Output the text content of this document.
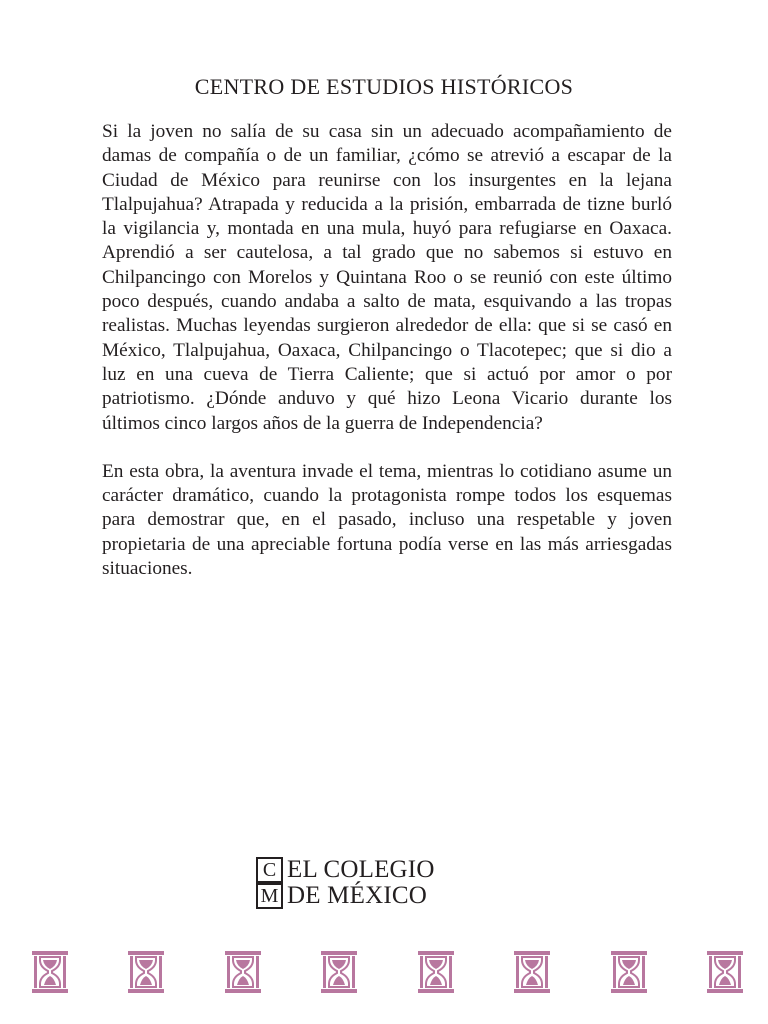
CENTRO DE ESTUDIOS HISTÓRICOS

Si la joven no salía de su casa sin un adecuado acompañamiento de damas de compañía o de un familiar, ¿cómo se atrevió a escapar de la Ciudad de México para reunirse con los insurgentes en la lejana Tlalpujahua? Atrapada y reducida a la prisión, embarrada de tizne burló la vigilancia y, montada en una mula, huyó para refugiarse en Oaxaca. Aprendió a ser cautelosa, a tal grado que no sabemos si estuvo en Chilpancingo con Morelos y Quintana Roo o se reunió con este último poco después, cuando andaba a salto de mata, esquivando a las tropas realistas. Muchas leyendas surgieron alrededor de ella: que si se casó en México, Tlalpujahua, Oaxaca, Chilpancingo o Tlacotepec; que si dio a luz en una cueva de Tierra Caliente; que si actuó por amor o por patriotismo. ¿Dónde anduvo y qué hizo Leona Vicario durante los últimos cinco largos años de la guerra de Independencia?

En esta obra, la aventura invade el tema, mientras lo cotidiano asume un carácter dramático, cuando la protagonista rompe todos los esquemas para demostrar que, en el pasado, incluso una respetable y joven propietaria de una apreciable fortuna podía verse en las más arriesgadas situaciones.

C
M
EL COLEGIO
DE MÉXICO
